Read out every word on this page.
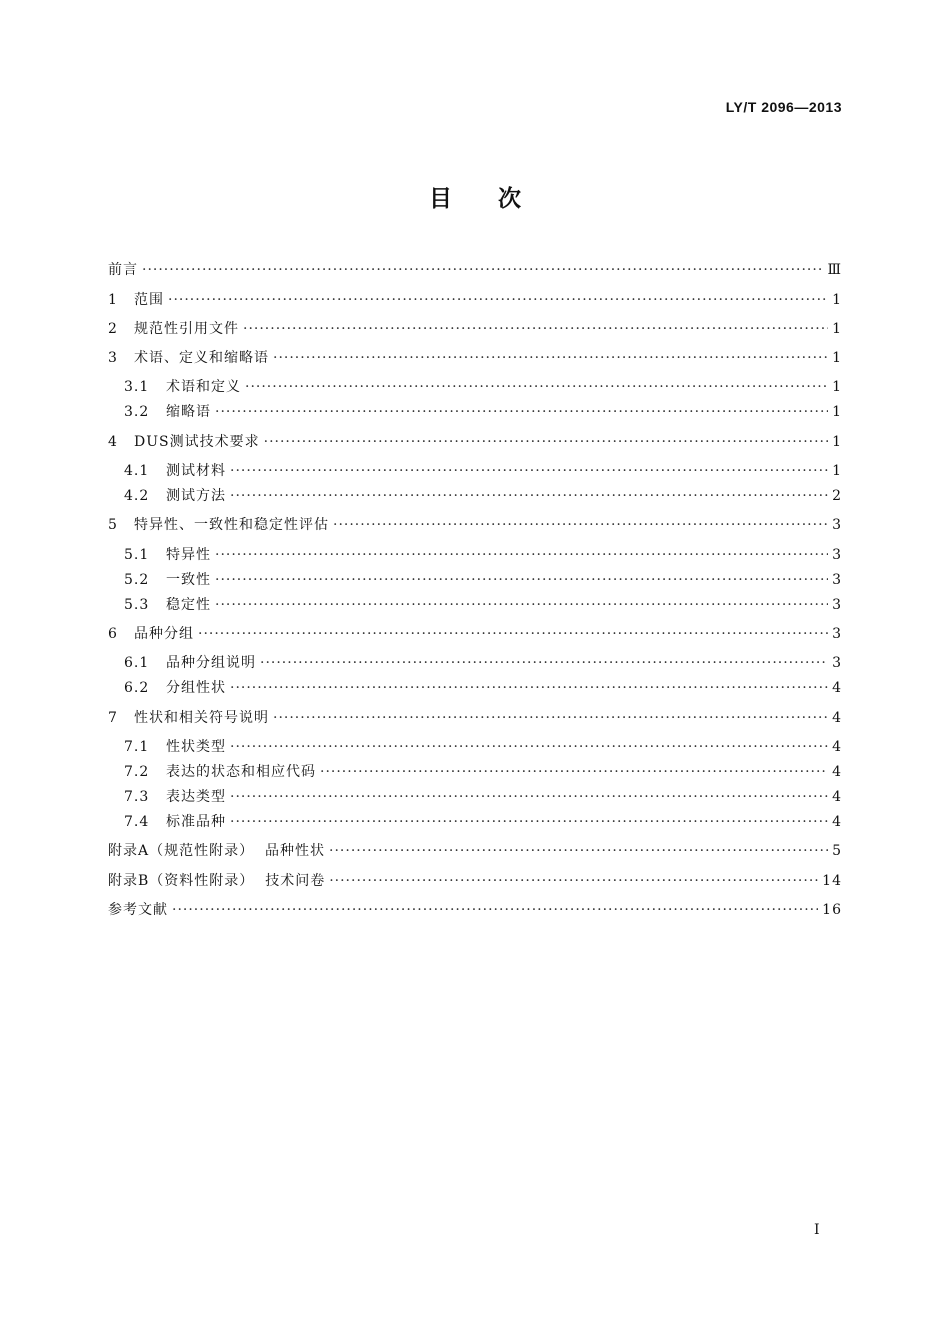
LY/T 2096—2013
目次
前言 ·····	Ⅲ
1	范围 ·····	1
2	规范性引用文件 ·····	1
3	术语、定义和缩略语 ·····	1
3.1	术语和定义 ·····	1
3.2	缩略语 ·····	1
4	DUS测试技术要求 ·····	1
4.1	测试材料 ·····	1
4.2	测试方法 ·····	2
5	特异性、一致性和稳定性评估 ·····	3
5.1	特异性 ·····	3
5.2	一致性 ·····	3
5.3	稳定性 ·····	3
6	品种分组 ·····	3
6.1	品种分组说明 ·····	3
6.2	分组性状 ·····	4
7	性状和相关符号说明 ·····	4
7.1	性状类型 ·····	4
7.2	表达的状态和相应代码 ·····	4
7.3	表达类型 ·····	4
7.4	标准品种 ·····	4
附录A（规范性附录）  品种性状 ·····	5
附录B（资料性附录）  技术问卷 ·····	14
参考文献 ·····	16
I
